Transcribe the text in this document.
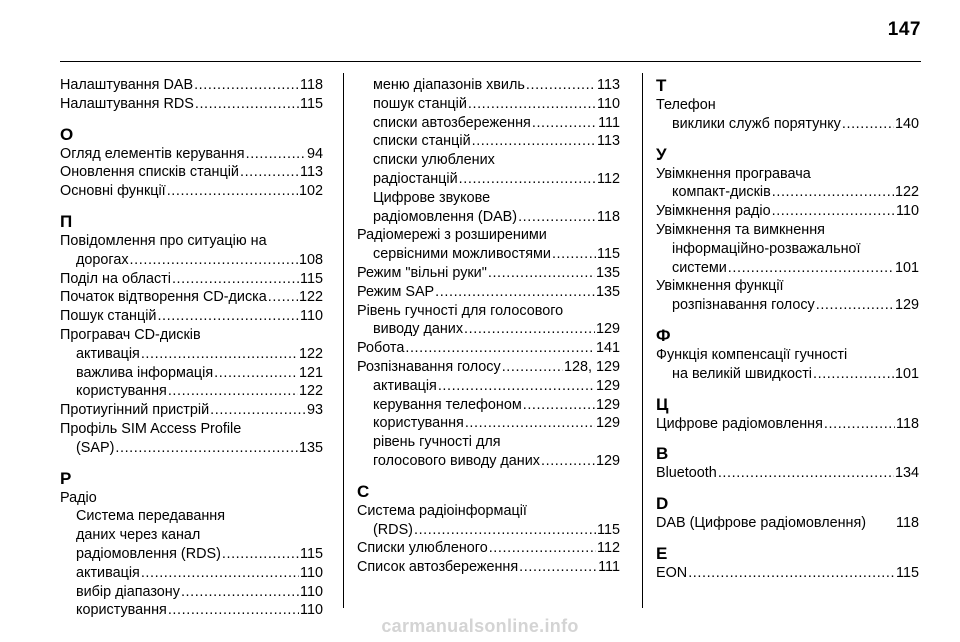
147
Налаштування DAB .....	118
Налаштування RDS .....	115
О
Огляд елементів керування .....	94
Оновлення списків станцій .....	113
Основні функції .....	102
П
Повідомлення про ситуацію на
дорогах .....	108
Поділ на області .....	115
Початок відтворення CD-диска ..... 122
Пошук станцій .....	110
Програвач CD-дисків
активація .....	122
важлива інформація .....	121
користування .....	122
Протиугінний пристрій .....	93
Профіль SIM Access Profile
(SAP) .....	135
Р
Радіо
Система передавання
даних через канал
радіомовлення (RDS) .....	115
активація .....	110
вибір діапазону .....	110
користування .....	110
меню діапазонів хвиль .....	113
пошук станцій .....	110
списки автозбереження .....	111
списки станцій .....	113
списки улюблених
радіостанцій .....	112
Цифрове звукове
радіомовлення (DAB) .....	118
Радіомережі з розширеними
сервісними можливостями .....	115
Режим "вільні руки" .....	135
Режим SAP .....	135
Рівень гучності для голосового
виводу даних .....	129
Робота .....	141
Розпізнавання голосу .....	128, 129
активація .....	129
керування телефоном .....	129
користування .....	129
рівень гучності для
голосового виводу даних .....	129
С
Система радіоінформації
(RDS) .....	115
Списки улюбленого .....	112
Список автозбереження .....	111
Т
Телефон
виклики служб порятунку .....	140
У
Увімкнення програвача
компакт-дисків .....	122
Увімкнення радіо .....	110
Увімкнення та вимкнення
інформаційно-розважальної
системи .....	101
Увімкнення функції
розпізнавання голосу .....	129
Ф
Функція компенсації гучності
на великій швидкості .....	101
Ц
Цифрове радіомовлення .....	118
B
Bluetooth .....	134
D
DAB (Цифрове радіомовлення) 118
E
EON .....	115
carmanualsonline.info
